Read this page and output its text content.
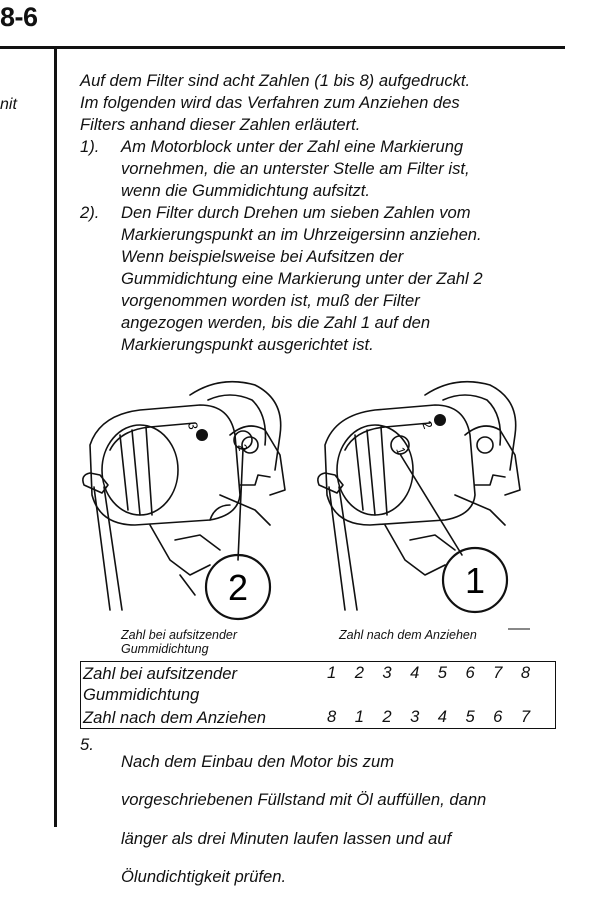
8-6
nit

Auf dem Filter sind acht Zahlen (1 bis 8) aufgedruckt.

Im folgenden wird das Verfahren zum Anziehen des

Filters anhand dieser Zahlen erläutert.

1).	Am Motorblock unter der Zahl eine Markierung

vornehmen, die an unterster Stelle am Filter ist,

wenn die Gummidichtung aufsitzt.

2).	Den Filter durch Drehen um sieben Zahlen vom

Markierungspunkt an im Uhrzeigersinn anziehen.

Wenn beispielsweise bei Aufsitzen der

Gummidichtung eine Markierung unter der Zahl 2

vorgenommen worden ist, muß der Filter

angezogen werden, bis die Zahl 1 auf den

Markierungspunkt ausgerichtet ist.

3
2
2
2
1
1
Zahl bei aufsitzender
Gummidichtung
Zahl nach dem Anziehen
Zahl bei aufsitzender
Gummidichtung
1	2	3	4	5	6	7	8
Zahl nach dem Anziehen	8	1	2	3	4	5	6	7
5.

Nach dem Einbau den Motor bis zum

vorgeschriebenen Füllstand mit Öl auffüllen, dann

länger als drei Minuten laufen lassen und auf

Ölundichtigkeit prüfen.
